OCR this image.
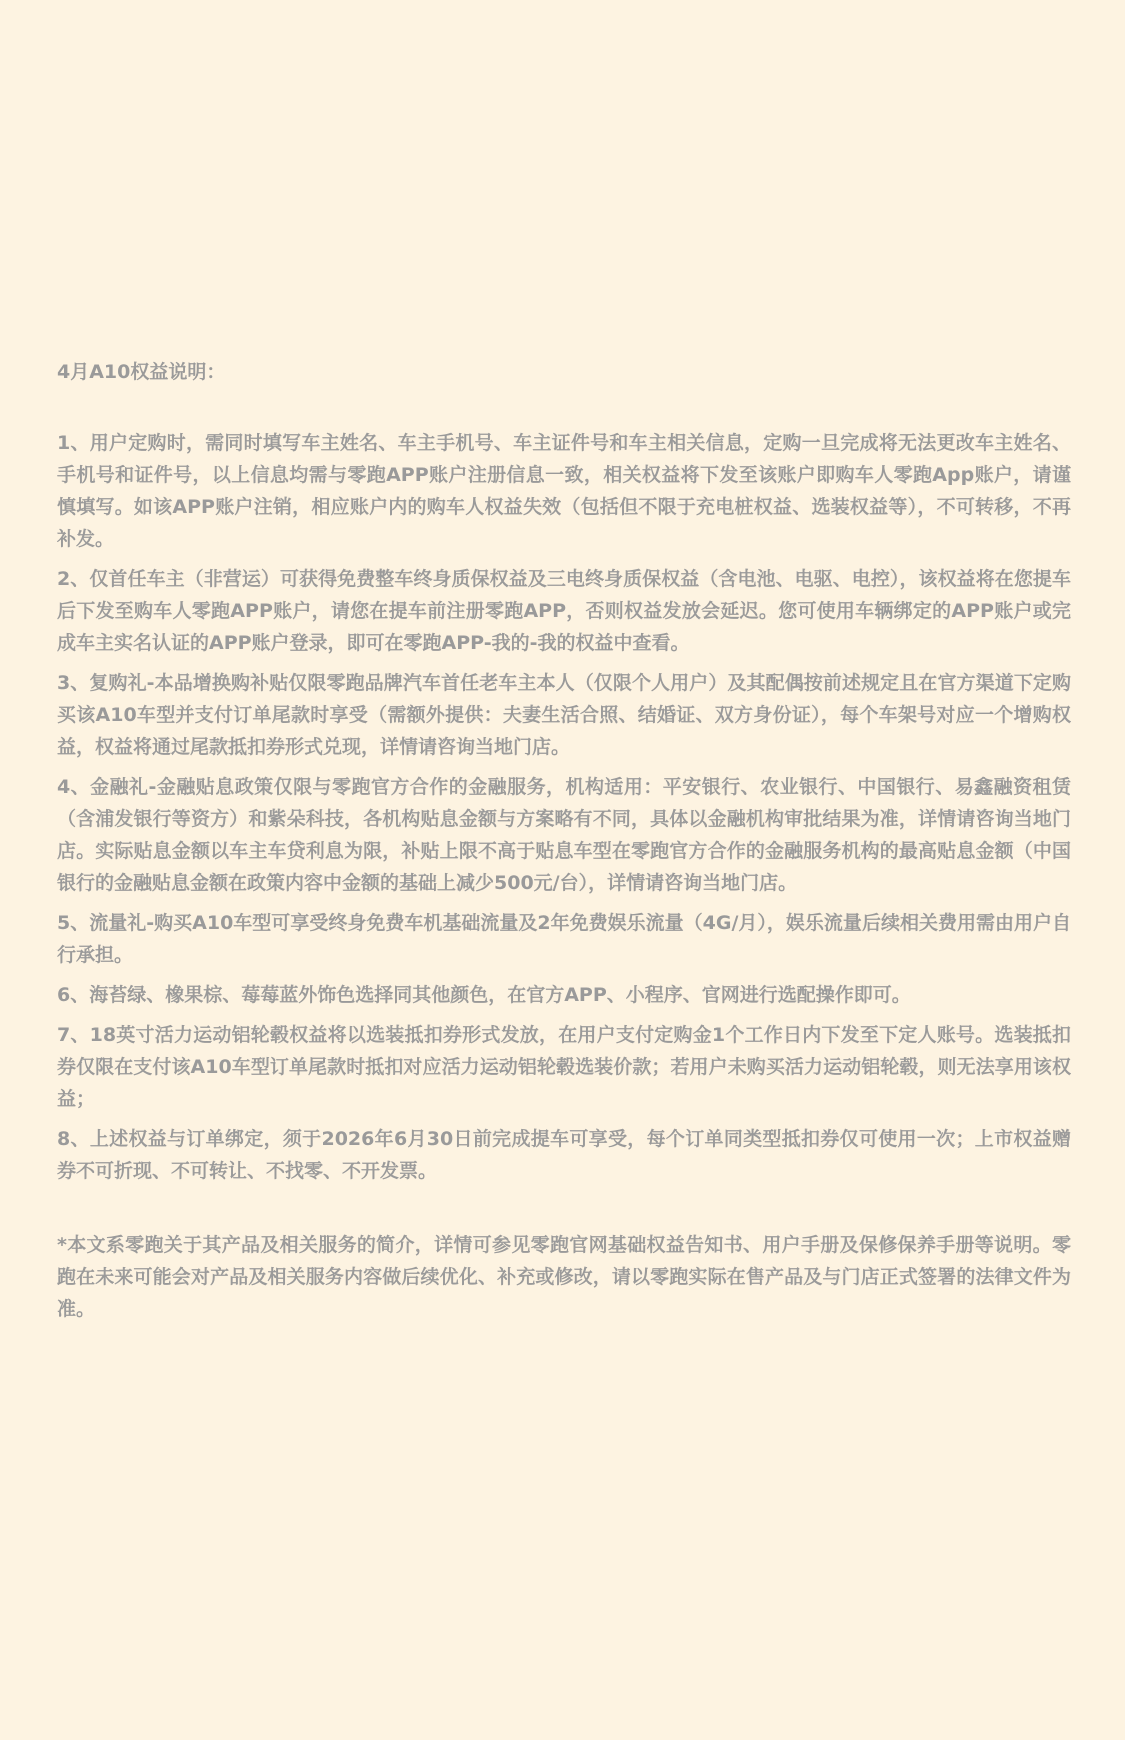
4月A10权益说明：

1、用户定购时，需同时填写车主姓名、车主手机号、车主证件号和车主相关信息，定购一旦完成将无法更改车主姓名、手机号和证件号，以上信息均需与零跑APP账户注册信息一致，相关权益将下发至该账户即购车人零跑App账户，请谨慎填写。如该APP账户注销，相应账户内的购车人权益失效（包括但不限于充电桩权益、选装权益等），不可转移，不再补发。

2、仅首任车主（非营运）可获得免费整车终身质保权益及三电终身质保权益（含电池、电驱、电控），该权益将在您提车后下发至购车人零跑APP账户，请您在提车前注册零跑APP，否则权益发放会延迟。您可使用车辆绑定的APP账户或完成车主实名认证的APP账户登录，即可在零跑APP-我的-我的权益中查看。

3、复购礼-本品增换购补贴仅限零跑品牌汽车首任老车主本人（仅限个人用户）及其配偶按前述规定且在官方渠道下定购买该A10车型并支付订单尾款时享受（需额外提供：夫妻生活合照、结婚证、双方身份证），每个车架号对应一个增购权益，权益将通过尾款抵扣券形式兑现，详情请咨询当地门店。

4、金融礼-金融贴息政策仅限与零跑官方合作的金融服务，机构适用：平安银行、农业银行、中国银行、易鑫融资租赁（含浦发银行等资方）和紫朵科技，各机构贴息金额与方案略有不同，具体以金融机构审批结果为准，详情请咨询当地门店。实际贴息金额以车主车贷利息为限，补贴上限不高于贴息车型在零跑官方合作的金融服务机构的最高贴息金额（中国银行的金融贴息金额在政策内容中金额的基础上减少500元/台），详情请咨询当地门店。

5、流量礼-购买A10车型可享受终身免费车机基础流量及2年免费娱乐流量（4G/月），娱乐流量后续相关费用需由用户自行承担。

6、海苔绿、橡果棕、莓莓蓝外饰色选择同其他颜色，在官方APP、小程序、官网进行选配操作即可。

7、18英寸活力运动铝轮毂权益将以选装抵扣券形式发放，在用户支付定购金1个工作日内下发至下定人账号。选装抵扣券仅限在支付该A10车型订单尾款时抵扣对应活力运动铝轮毂选装价款；若用户未购买活力运动铝轮毂，则无法享用该权益；

8、上述权益与订单绑定，须于2026年6月30日前完成提车可享受，每个订单同类型抵扣券仅可使用一次；上市权益赠券不可折现、不可转让、不找零、不开发票。

*本文系零跑关于其产品及相关服务的简介，详情可参见零跑官网基础权益告知书、用户手册及保修保养手册等说明。零跑在未来可能会对产品及相关服务内容做后续优化、补充或修改，请以零跑实际在售产品及与门店正式签署的法律文件为准。
